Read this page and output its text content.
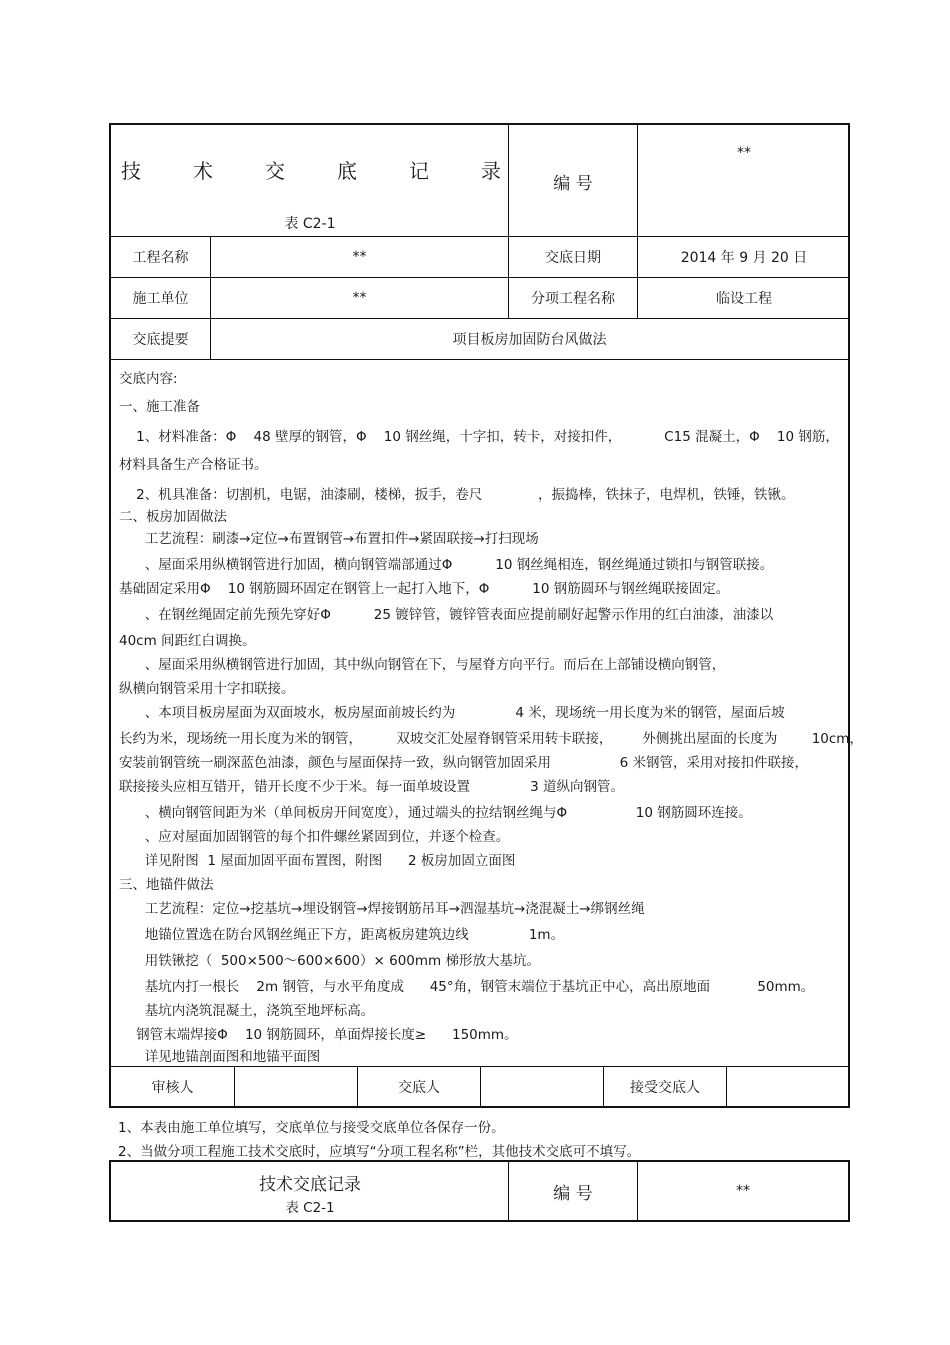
技	术	交	底	记	录
表 C2-1
编 号
**
工程名称	**	交底日期	2014 年 9 月 20 日
施工单位	**	分项工程名称	临设工程
交底提要	项目板房加固防台风做法
交底内容:
一、施工准备
1、材料准备：Φ    48 壁厚的钢管，Φ    10 钢丝绳，十字扣，转卡，对接扣件，          C15 混凝土，Φ    10 钢筋，
材料具备生产合格证书。
2、机具准备：切割机，电锯，油漆刷，楼梯，扳手，卷尺             ，振捣棒，铁抹子，电焊机，铁锤，铁锹。
二、板房加固做法
工艺流程：刷漆→定位→布置钢管→布置扣件→紧固联接→打扫现场
、屋面采用纵横钢管进行加固，横向钢管端部通过Φ          10 钢丝绳相连，钢丝绳通过锁扣与钢管联接。
基础固定采用Φ    10 钢筋圆环固定在钢管上一起打入地下，Φ          10 钢筋圆环与钢丝绳联接固定。
、在钢丝绳固定前先预先穿好Φ          25 镀锌管，镀锌管表面应提前刷好起警示作用的红白油漆，油漆以
40cm 间距红白调换。
、屋面采用纵横钢管进行加固，其中纵向钢管在下，与屋脊方向平行。而后在上部铺设横向钢管，
纵横向钢管采用十字扣联接。
、本项目板房屋面为双面坡水，板房屋面前坡长约为              4 米，现场统一用长度为米的钢管，屋面后坡
长约为米，现场统一用长度为米的钢管，        双坡交汇处屋脊钢管采用转卡联接，       外侧挑出屋面的长度为        10cm，
安装前钢管统一刷深蓝色油漆，颜色与屋面保持一致，纵向钢管加固采用                6 米钢管，采用对接扣件联接，
联接接头应相互错开，错开长度不少于米。每一面单坡设置              3 道纵向钢管。
、横向钢管间距为米（单间板房开间宽度），通过端头的拉结钢丝绳与Φ                10 钢筋圆环连接。
、应对屋面加固钢管的每个扣件螺丝紧固到位，并逐个检查。
详见附图  1 屋面加固平面布置图，附图      2 板房加固立面图
三、地锚件做法
工艺流程：定位→挖基坑→埋设钢管→焊接钢筋吊耳→泗湿基坑→浇混凝土→绑钢丝绳
地锚位置选在防台风钢丝绳正下方，距离板房建筑边线              1m。
用铁锹挖（  500×500～600×600）× 600mm 梯形放大基坑。
基坑内打一根长    2m 钢管，与水平角度成      45°角，钢管末端位于基坑正中心，高出原地面           50mm。
基坑内浇筑混凝土，浇筑至地坪标高。
钢管末端焊接Φ    10 钢筋圆环，单面焊接长度≥      150mm。
详见地锚剖面图和地锚平面图
审核人	交底人	接受交底人
1、本表由施工单位填写，交底单位与接受交底单位各保存一份。
2、当做分项工程施工技术交底时，应填写“分项工程名称”栏，其他技术交底可不填写。
技术交底记录
表 C2-1
编 号	**
